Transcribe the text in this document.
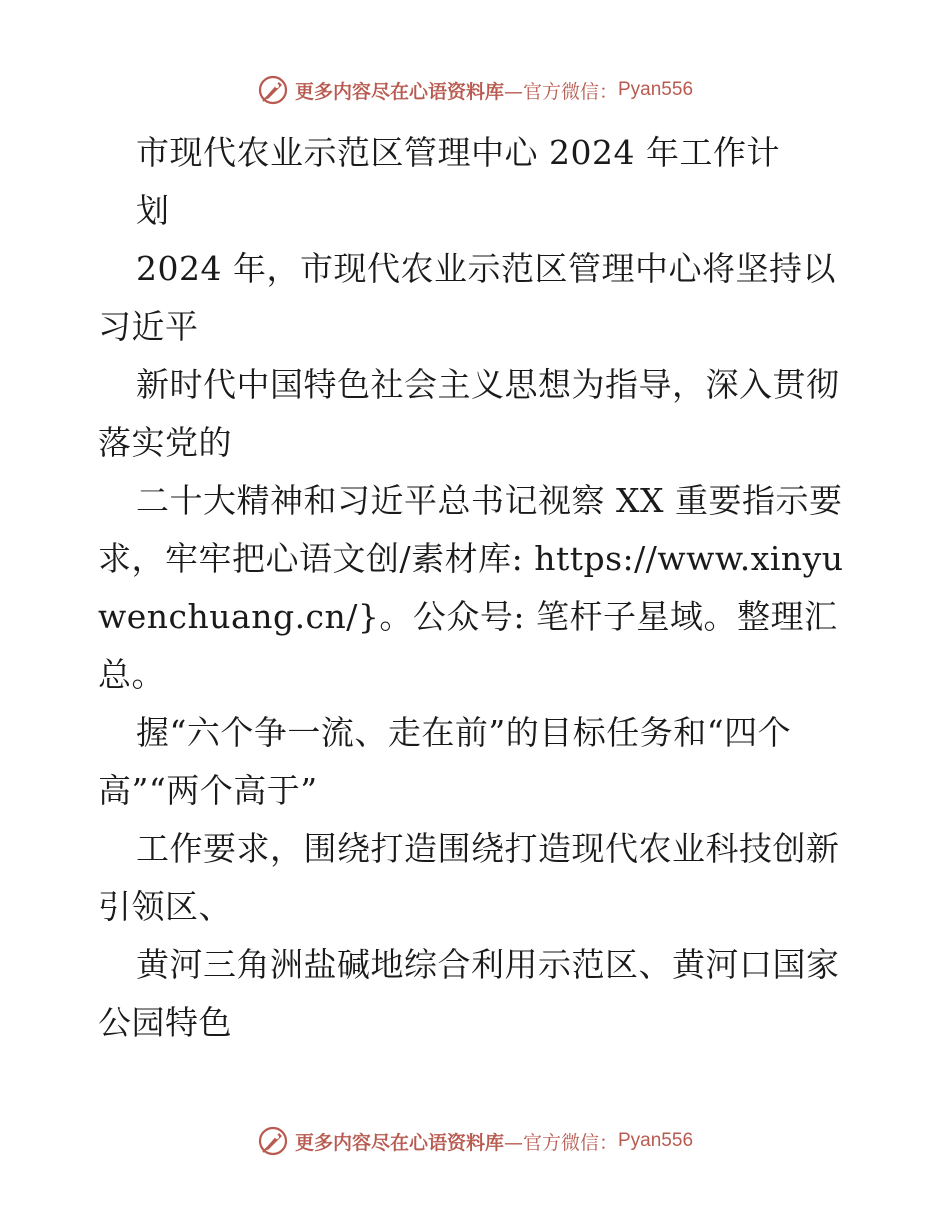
更多内容尽在心语资料库 —官方微信： Pyan556
市现代农业示范区管理中心 2024 年工作计
划
2024 年，市现代农业示范区管理中心将坚持以
习近平
新时代中国特色社会主义思想为指导，深入贯彻
落实党的
二十大精神和习近平总书记视察 XX 重要指示要
求，牢牢把心语文创/素材库: https://www.xinyu
wenchuang.cn/}。公众号: 笔杆子星域。整理汇
总。
握“六个争一流、走在前”的目标任务和“四个
高”“两个高于”
工作要求，围绕打造围绕打造现代农业科技创新
引领区、
黄河三角洲盐碱地综合利用示范区、黄河口国家
公园特色
更多内容尽在心语资料库 —官方微信： Pyan556
